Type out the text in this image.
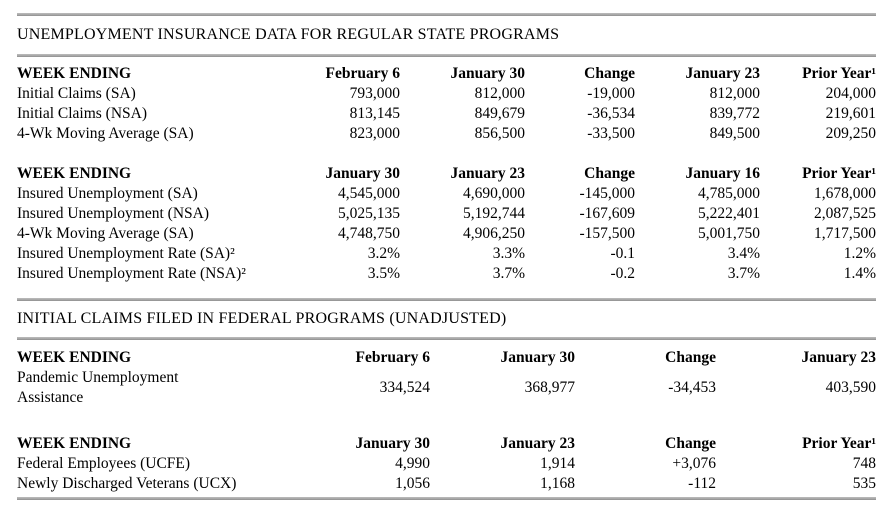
UNEMPLOYMENT INSURANCE DATA FOR REGULAR STATE PROGRAMS
WEEK ENDING	February 6	January 30	Change	January 23	Prior Year¹
Initial Claims (SA)	793,000	812,000	-19,000	812,000	204,000
Initial Claims (NSA)	813,145	849,679	-36,534	839,772	219,601
4-Wk Moving Average (SA)	823,000	856,500	-33,500	849,500	209,250
WEEK ENDING	January 30	January 23	Change	January 16	Prior Year¹
Insured Unemployment (SA)	4,545,000	4,690,000	-145,000	4,785,000	1,678,000
Insured Unemployment (NSA)	5,025,135	5,192,744	-167,609	5,222,401	2,087,525
4-Wk Moving Average (SA)	4,748,750	4,906,250	-157,500	5,001,750	1,717,500
Insured Unemployment Rate (SA)²	3.2%	3.3%	-0.1	3.4%	1.2%
Insured Unemployment Rate (NSA)²	3.5%	3.7%	-0.2	3.7%	1.4%
INITIAL CLAIMS FILED IN FEDERAL PROGRAMS (UNADJUSTED)
WEEK ENDING	February 6	January 30	Change	January 23
Pandemic Unemployment Assistance
334,524	368,977	-34,453	403,590
WEEK ENDING	January 30	January 23	Change	Prior Year¹
Federal Employees (UCFE)	4,990	1,914	+3,076	748
Newly Discharged Veterans (UCX)	1,056	1,168	-112	535
